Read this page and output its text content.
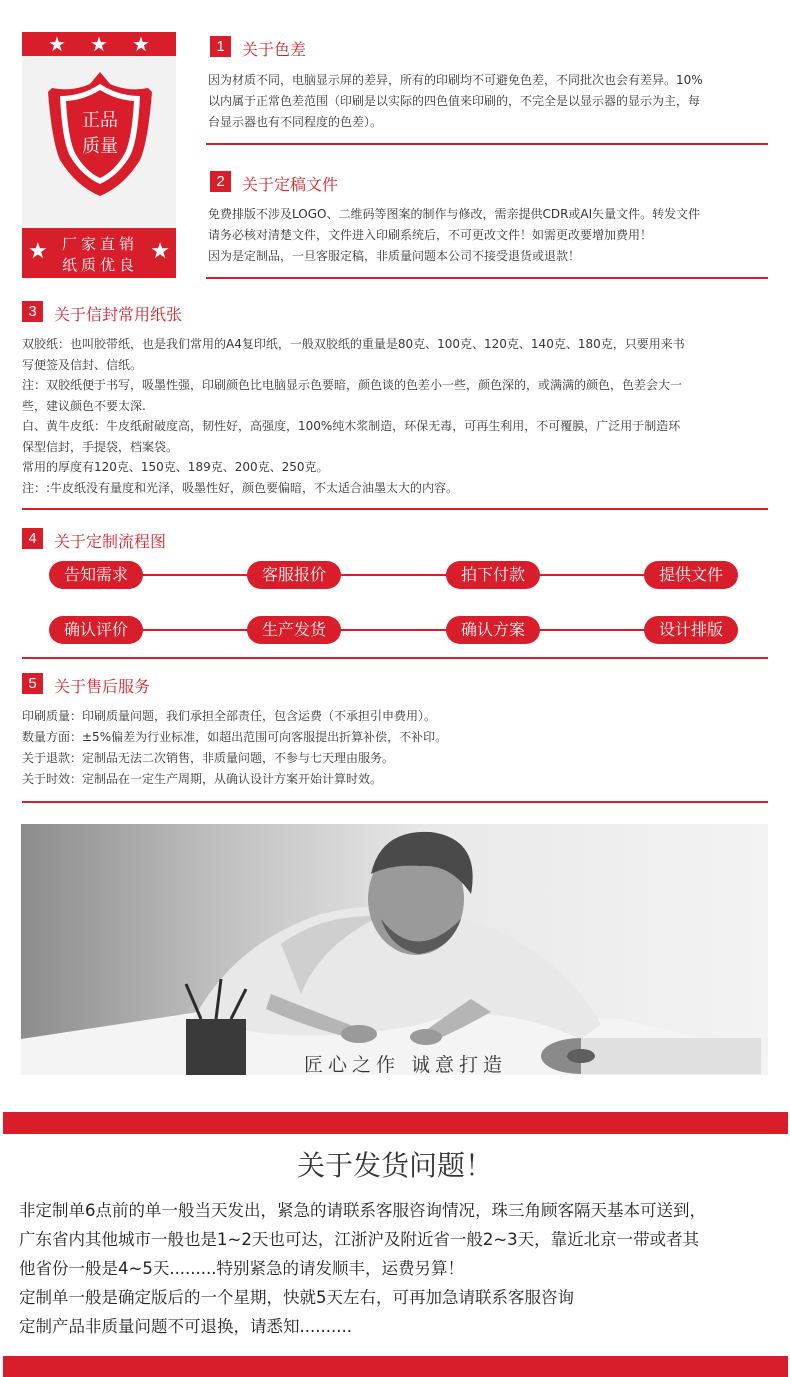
★ ★ ★
正品
质量
★ 厂家直销
纸质优良
★
1	关于色差

因为材质不同，电脑显示屏的差异，所有的印刷均不可避免色差，不同批次也会有差异。10%

以内属于正常色差范围（印刷是以实际的四色值来印刷的，不完全是以显示器的显示为主，每

台显示器也有不同程度的色差）。

2	关于定稿文件

免费排版不涉及LOGO、二维码等图案的制作与修改，需亲提供CDR或AI矢量文件。转发文件

请务必核对清楚文件，文件进入印刷系统后，不可更改文件！如需更改要增加费用！

因为是定制品，一旦客服定稿，非质量问题本公司不接受退货或退款！

3	关于信封常用纸张

双胶纸：也叫胶带纸，也是我们常用的A4复印纸，一般双胶纸的重量是80克、100克、120克、140克、180克，只要用来书

写便签及信封、信纸。

注：双胶纸便于书写，吸墨性强，印刷颜色比电脑显示色要暗，颜色谈的色差小一些，颜色深的，或满满的颜色，色差会大一

些，建议颜色不要太深.

白、黄牛皮纸：牛皮纸耐破度高，韧性好，高强度，100%纯木浆制造，环保无毒，可再生利用，不可覆膜，广泛用于制造环

保型信封，手提袋，档案袋。

常用的厚度有120克、150克、189克、200克、250克。

注：:牛皮纸没有量度和光泽，吸墨性好，颜色要偏暗，不太适合油墨太大的内容。

4	关于定制流程图
告知需求	客服报价	拍下付款	提供文件
确认评价	生产发货	确认方案	设计排版
5	关于售后服务

印刷质量：印刷质量问题，我们承担全部责任，包含运费（不承担引申费用）。

数量方面：±5%偏差为行业标准，如超出范围可向客服提出折算补偿，不补印。

关于退款：定制品无法二次销售，非质量问题，不参与七天理由服务。

关于时效：定制品在一定生产周期，从确认设计方案开始计算时效。

匠心之作 诚意打造
关于发货问题！

非定制单6点前的单一般当天发出，紧急的请联系客服咨询情况，珠三角顾客隔天基本可送到，

广东省内其他城市一般也是1~2天也可达，江浙沪及附近省一般2~3天，靠近北京一带或者其

他省份一般是4~5天.........特别紧急的请发顺丰，运费另算！

定制单一般是确定版后的一个星期，快就5天左右，可再加急请联系客服咨询

定制产品非质量问题不可退换，请悉知..........
